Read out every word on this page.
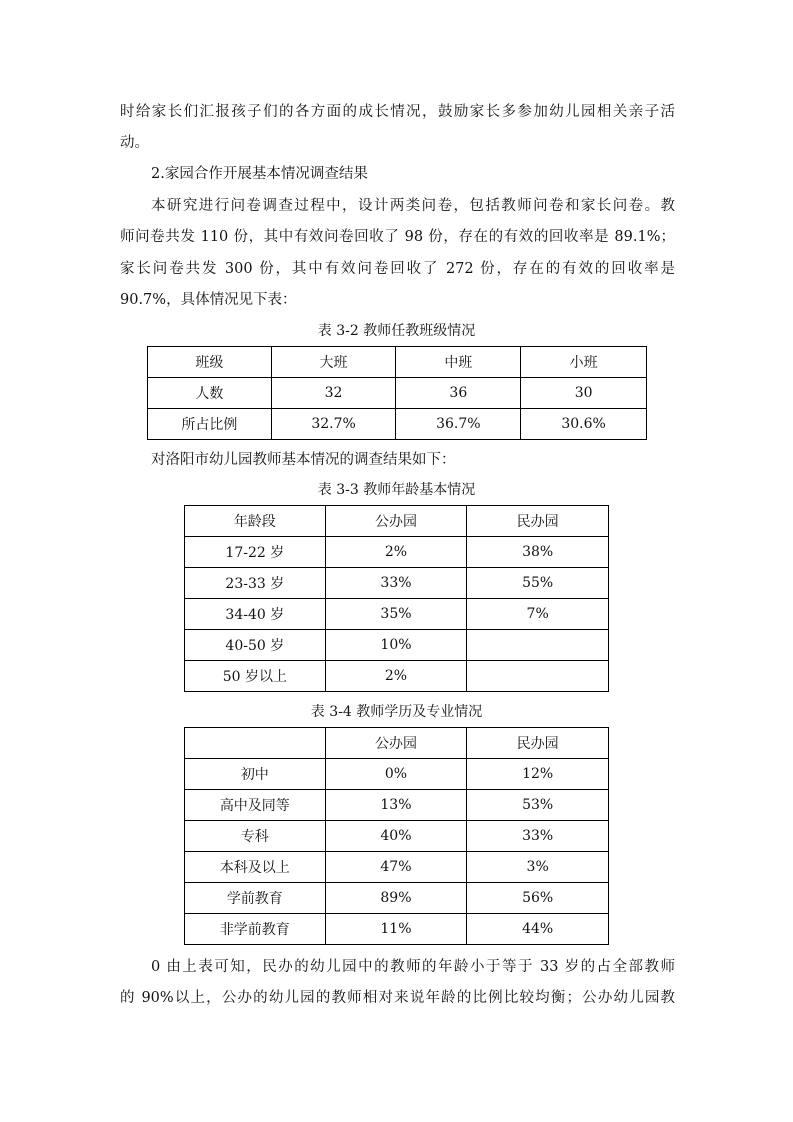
时给家长们汇报孩子们的各方面的成长情况，鼓励家长多参加幼儿园相关亲子活
动。
2.家园合作开展基本情况调查结果
本研究进行问卷调查过程中，设计两类问卷，包括教师问卷和家长问卷。教
师问卷共发 110 份，其中有效问卷回收了 98 份，存在的有效的回收率是 89.1%；
家长问卷共发 300 份，其中有效问卷回收了 272 份，存在的有效的回收率是
90.7%，具体情况见下表：
表 3-2 教师任教班级情况
班级	大班	中班	小班
人数	32	36	30
所占比例	32.7%	36.7%	30.6%
对洛阳市幼儿园教师基本情况的调查结果如下：
表 3-3 教师年龄基本情况
年龄段	公办园	民办园
17-22 岁	2%	38%
23-33 岁	33%	55%
34-40 岁	35%	7%
40-50 岁	10%	
50 岁以上	2%	
表 3-4 教师学历及专业情况
	公办园	民办园
初中	0%	12%
高中及同等	13%	53%
专科	40%	33%
本科及以上	47%	3%
学前教育	89%	56%
非学前教育	11%	44%
0 由上表可知，民办的幼儿园中的教师的年龄小于等于 33 岁的占全部教师
的 90%以上，公办的幼儿园的教师相对来说年龄的比例比较均衡；公办幼儿园教
